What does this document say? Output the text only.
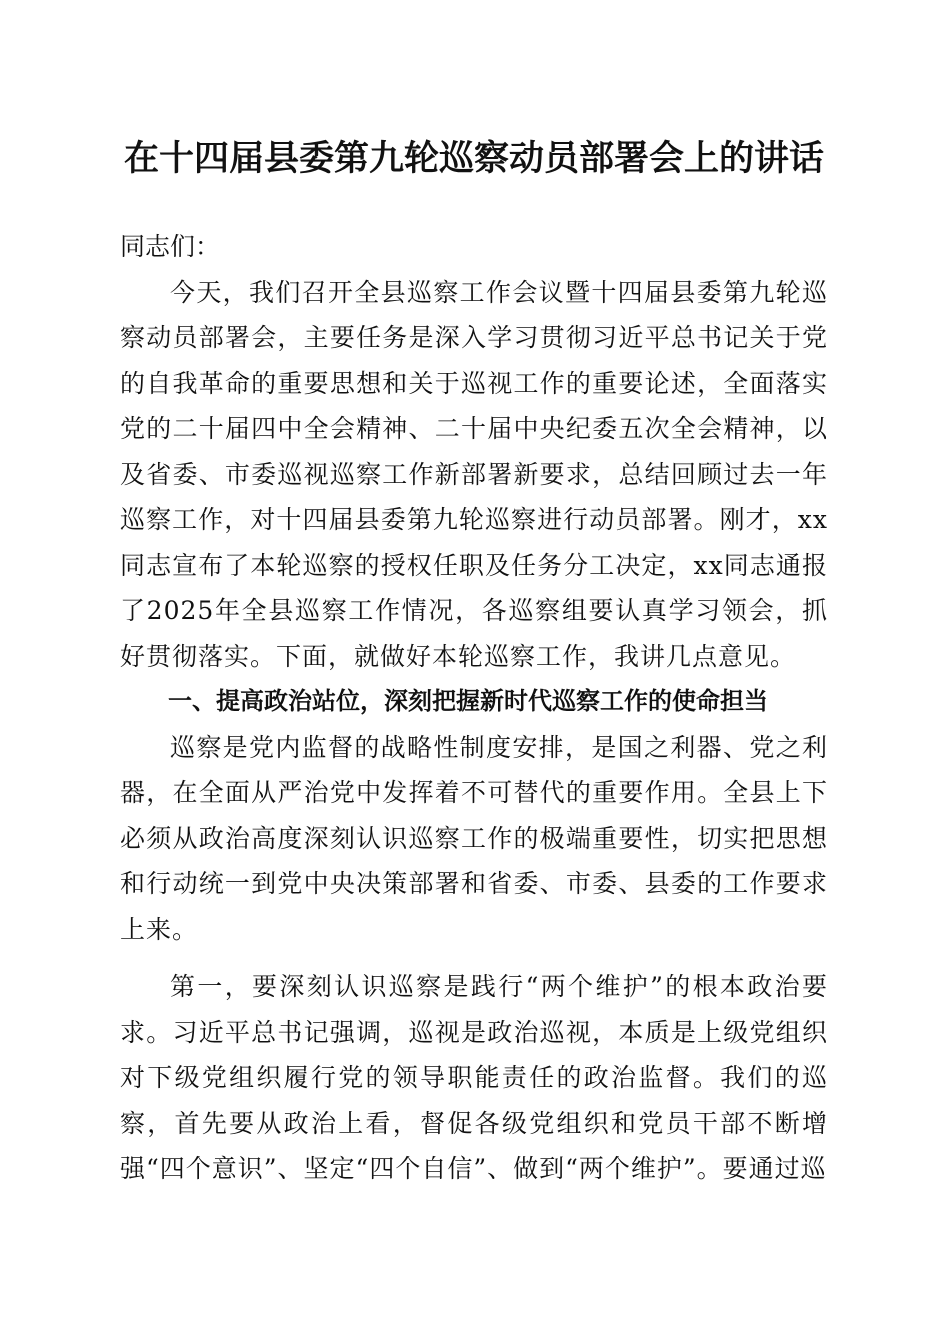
在十四届县委第九轮巡察动员部署会上的讲话

同志们：

今天，我们召开全县巡察工作会议暨十四届县委第九轮巡察动员部署会，主要任务是深入学习贯彻习近平总书记关于党的自我革命的重要思想和关于巡视工作的重要论述，全面落实党的二十届四中全会精神、二十届中央纪委五次全会精神，以及省委、市委巡视巡察工作新部署新要求，总结回顾过去一年巡察工作，对十四届县委第九轮巡察进行动员部署。刚才，xx同志宣布了本轮巡察的授权任职及任务分工决定，xx同志通报了2025年全县巡察工作情况，各巡察组要认真学习领会，抓好贯彻落实。下面，就做好本轮巡察工作，我讲几点意见。

一、提高政治站位，深刻把握新时代巡察工作的使命担当

巡察是党内监督的战略性制度安排，是国之利器、党之利器，在全面从严治党中发挥着不可替代的重要作用。全县上下必须从政治高度深刻认识巡察工作的极端重要性，切实把思想和行动统一到党中央决策部署和省委、市委、县委的工作要求上来。

第一，要深刻认识巡察是践行“两个维护”的根本政治要求。习近平总书记强调，巡视是政治巡视，本质是上级党组织对下级党组织履行党的领导职能责任的政治监督。我们的巡察，首先要从政治上看，督促各级党组织和党员干部不断增强“四个意识”、坚定“四个自信”、做到“两个维护”。要通过巡
